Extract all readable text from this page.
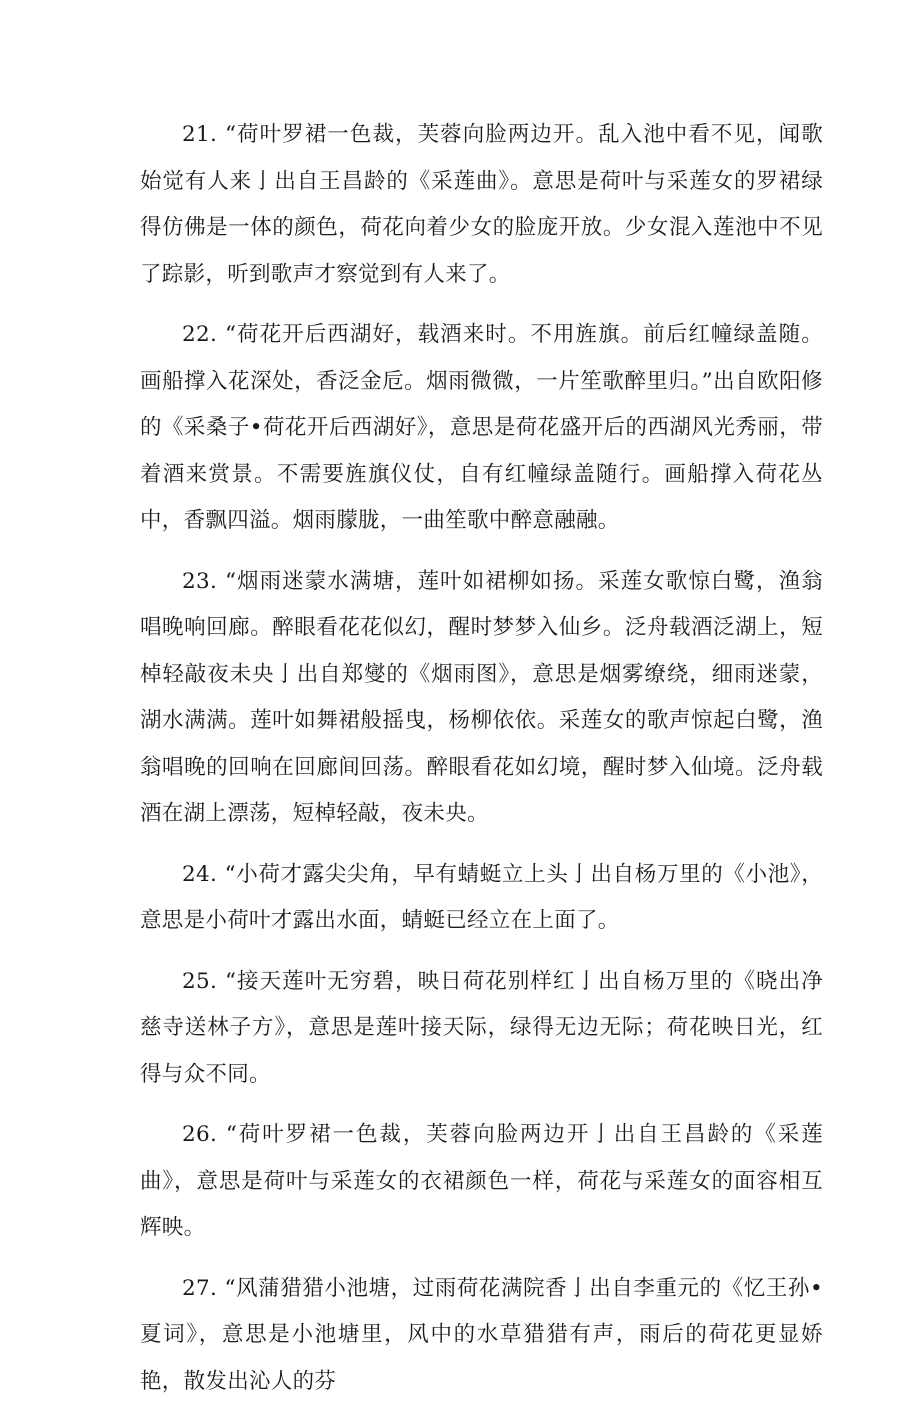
21. “荷叶罗裙一色裁，芙蓉向脸两边开。乱入池中看不见，闻歌始觉有人来亅出自王昌龄的《采莲曲》。意思是荷叶与采莲女的罗裙绿得仿佛是一体的颜色，荷花向着少女的脸庞开放。少女混入莲池中不见了踪影，听到歌声才察觉到有人来了。

22. “荷花开后西湖好，载酒来时。不用旌旗。前后红幢绿盖随。画船撑入花深处，香泛金卮。烟雨微微，一片笙歌醉里归。”出自欧阳修的《采桑子•荷花开后西湖好》，意思是荷花盛开后的西湖风光秀丽，带着酒来赏景。不需要旌旗仪仗，自有红幢绿盖随行。画船撑入荷花丛中，香飘四溢。烟雨朦胧，一曲笙歌中醉意融融。

23. “烟雨迷蒙水满塘，莲叶如裙柳如扬。采莲女歌惊白鹭，渔翁唱晚响回廊。醉眼看花花似幻，醒时梦梦入仙乡。泛舟载酒泛湖上，短棹轻敲夜未央亅出自郑燮的《烟雨图》，意思是烟雾缭绕，细雨迷蒙，湖水满满。莲叶如舞裙般摇曳，杨柳依依。采莲女的歌声惊起白鹭，渔翁唱晚的回响在回廊间回荡。醉眼看花如幻境，醒时梦入仙境。泛舟载酒在湖上漂荡，短棹轻敲，夜未央。

24. “小荷才露尖尖角，早有蜻蜓立上头亅出自杨万里的《小池》，意思是小荷叶才露出水面，蜻蜓已经立在上面了。

25. “接天莲叶无穷碧，映日荷花别样红亅出自杨万里的《晓出净慈寺送林子方》，意思是莲叶接天际，绿得无边无际；荷花映日光，红得与众不同。

26. “荷叶罗裙一色裁，芙蓉向脸两边开亅出自王昌龄的《采莲曲》，意思是荷叶与采莲女的衣裙颜色一样，荷花与采莲女的面容相互辉映。

27. “风蒲猎猎小池塘，过雨荷花满院香亅出自李重元的《忆王孙•夏词》，意思是小池塘里，风中的水草猎猎有声，雨后的荷花更显娇艳，散发出沁人的芬
